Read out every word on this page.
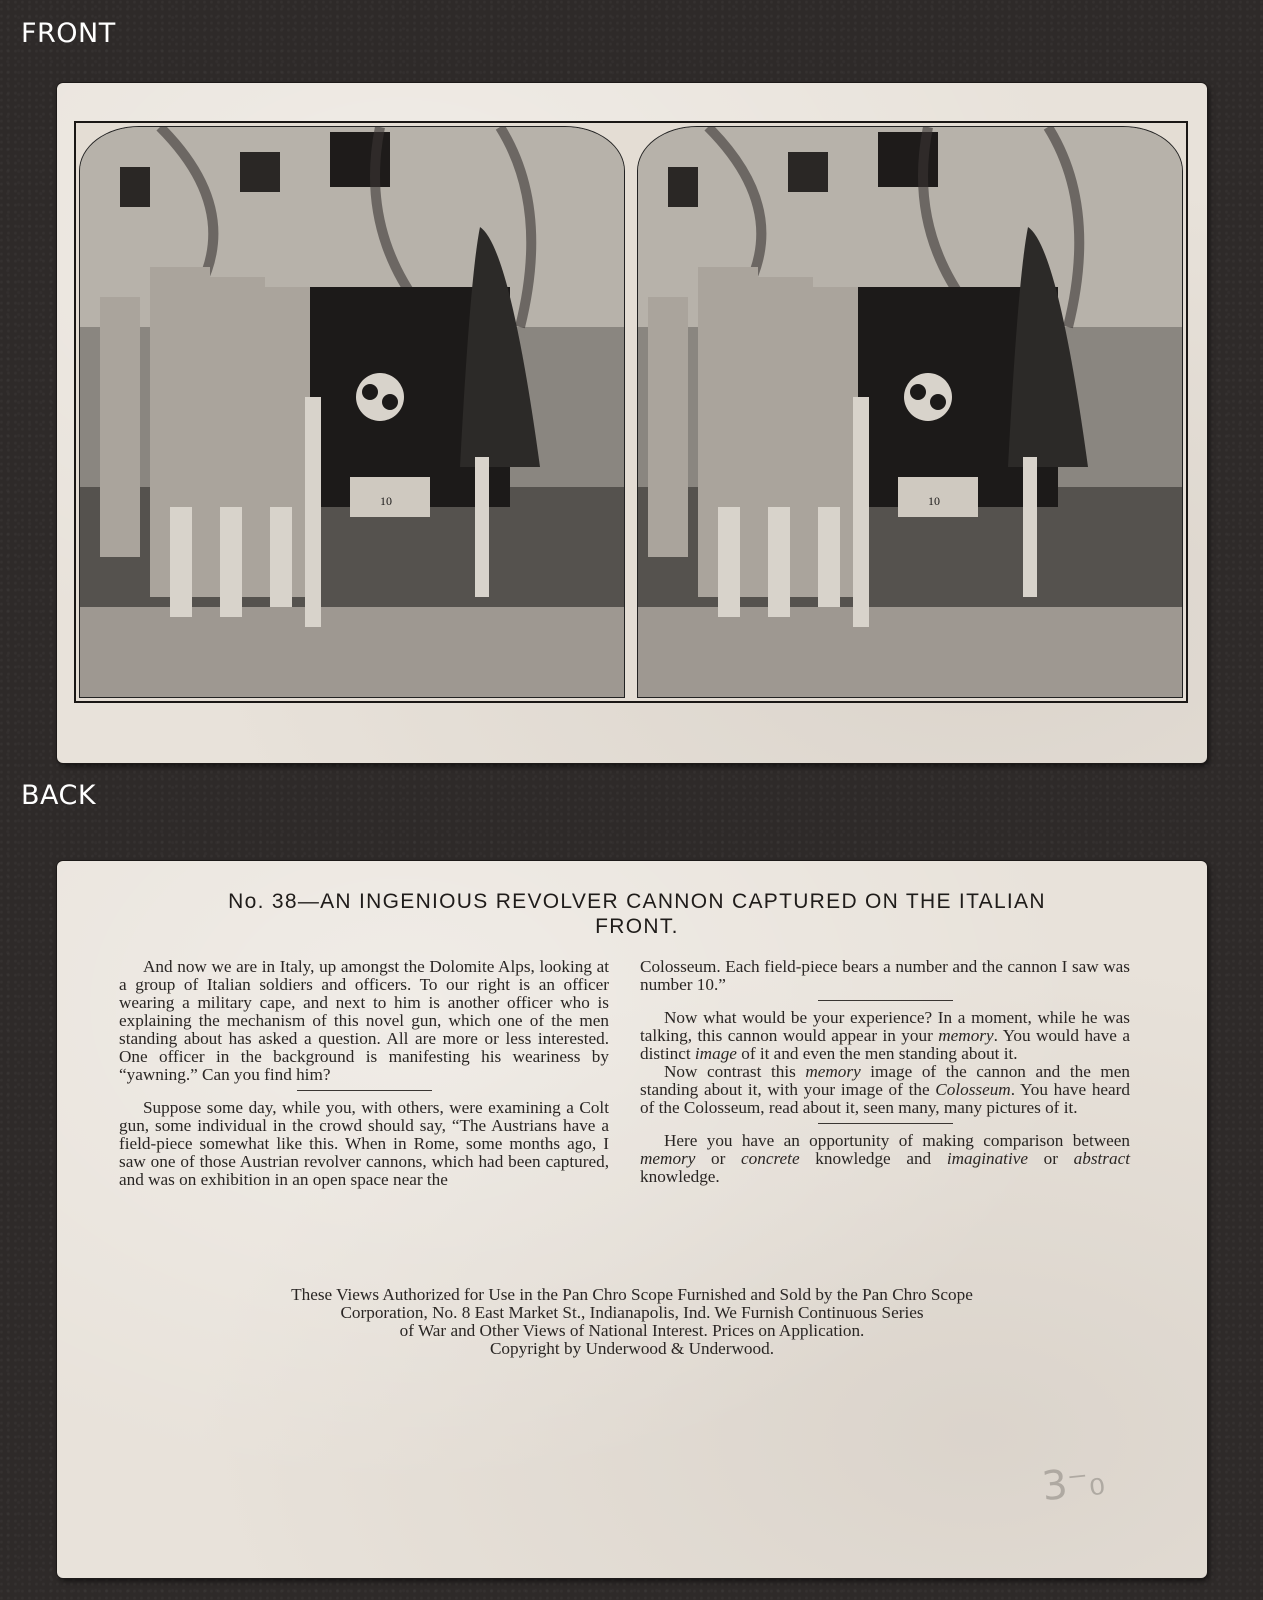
FRONT
10	10
BACK
No. 38—AN INGENIOUS REVOLVER CANNON CAPTURED ON THE ITALIAN
FRONT.

And now we are in Italy, up amongst the Dolomite Alps, looking at a group of Italian soldiers and officers. To our right is an officer wearing a military cape, and next to him is another officer who is explaining the mechanism of this novel gun, which one of the men standing about has asked a question. All are more or less interested. One officer in the background is manifesting his weariness by “yawning.” Can you find him?

Suppose some day, while you, with others, were examining a Colt gun, some individual in the crowd should say, “The Austrians have a field-piece somewhat like this. When in Rome, some months ago, I saw one of those Austrian revolver cannons, which had been captured, and was on exhibition in an open space near the

Colosseum. Each field-piece bears a number and the cannon I saw was number 10.”

Now what would be your experience? In a moment, while he was talking, this cannon would appear in your memory. You would have a distinct image of it and even the men standing about it.

Now contrast this memory image of the cannon and the men standing about it, with your image of the Colosseum. You have heard of the Colosseum, read about it, seen many, many pictures of it.

Here you have an opportunity of making comparison between memory or concrete knowledge and imaginative or abstract knowledge.

These Views Authorized for Use in the Pan Chro Scope Furnished and Sold by the Pan Chro Scope
Corporation, No. 8 East Market St., Indianapolis, Ind. We Furnish Continuous Series
of War and Other Views of National Interest. Prices on Application.
Copyright by Underwood & Underwood.
3⁻₀
